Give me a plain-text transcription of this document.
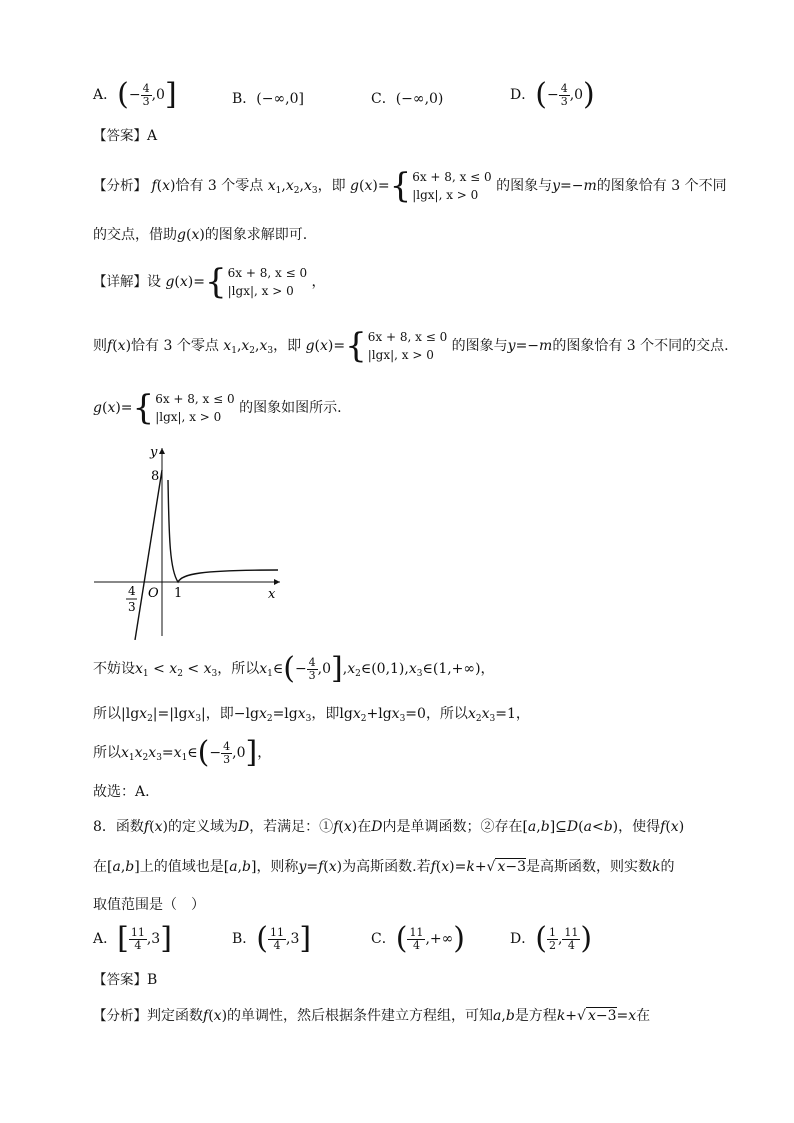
A．(− $\frac{4}{3} ,0$]	B．(−∞,0]	C．(−∞,0)	D．(− $\frac{4}{3} ,0$)
【答案】A
【分析】 f(x)恰有 3 个零点 $x_1,x_2,x_3$，即 g(x)={ 6x + 8, x ≤ 0
|lgx|, x > 0
的图象与y=−m的图象恰有 3 个不同
的交点，借助g(x)的图象求解即可.
【详解】设 g(x)={ 6x + 8, x ≤ 0
|lgx|, x > 0
，
则f(x)恰有 3 个零点 $x_1,x_2,x_3$，即 g(x)={ 6x + 8, x ≤ 0
|lgx|, x > 0
的图象与y=−m的图象恰有 3 个不同的交点.
g(x)={ 6x + 8, x ≤ 0
|lgx|, x > 0
的图象如图所示.
y
x
8
O 1
4
3
不妨设$x_1 < x_2 < x_3$，所以$x_1\in(- \frac{4}{3}$ $,0],x_2\in(0,1),x_3\in(1,+\infty)$，
所以|lgx$_2$|=|lgx$_3$|，即−lgx$_2$=lgx$_3$，即lgx$_2$+lgx$_3$=0，所以$x_2x_3=1$，
所以$x_1x_2x_3=x_1\in(- \frac{4}{3} ,0]$，
故选：A.
8．函数f(x)的定义域为D，若满足：①f(x)在D内是单调函数；②存在[a,b]⊆D(a<b)，使得f(x)
在[a,b]上的值域也是[a,b]，则称y=f(x)为高斯函数.若f(x)=k+√ x−3是高斯函数，则实数k的
取值范围是（　）
A．[ $\frac{11}{4} ,3$]	B．( $\frac{11}{4} ,3$]	C．( $\frac{11}{4}$ ,+∞)	D．( $\frac{1}{2}$ , $\frac{11}{4}$ )
【答案】B
【分析】判定函数f(x)的单调性，然后根据条件建立方程组，可知a,b是方程k+√ x−3=x在
